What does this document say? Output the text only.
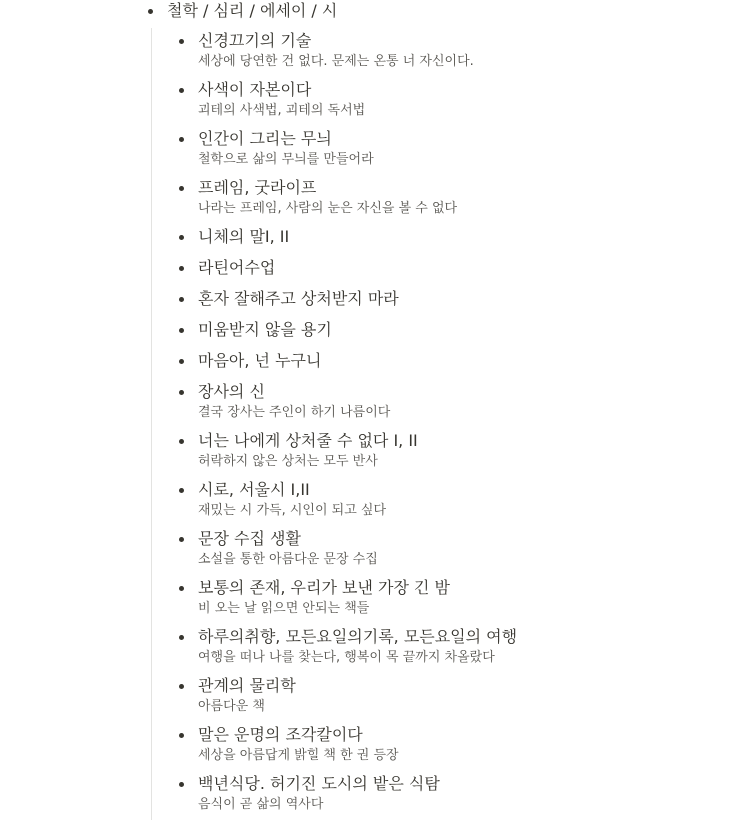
철학 / 심리 / 에세이 / 시
신경끄기의 기술
세상에 당연한 건 없다. 문제는 온통 너 자신이다.
사색이 자본이다
괴테의 사색법, 괴테의 독서법
인간이 그리는 무늬
철학으로 삶의 무늬를 만들어라
프레임, 굿라이프
나라는 프레임, 사람의 눈은 자신을 볼 수 없다
니체의 말I, II
라틴어수업
혼자 잘해주고 상처받지 마라
미움받지 않을 용기
마음아, 넌 누구니
장사의 신
결국 장사는 주인이 하기 나름이다
너는 나에게 상처줄 수 없다 I, II
허락하지 않은 상처는 모두 반사
시로, 서울시 I,II
재밌는 시 가득, 시인이 되고 싶다
문장 수집 생활
소설을 통한 아름다운 문장 수집
보통의 존재, 우리가 보낸 가장 긴 밤
비 오는 날 읽으면 안되는 책들
하루의취향, 모든요일의기록, 모든요일의 여행
여행을 떠나 나를 찾는다, 행복이 목 끝까지 차올랐다
관계의 물리학
아름다운 책
말은 운명의 조각칼이다
세상을 아름답게 밝힐 책 한 권 등장
백년식당. 허기진 도시의 밭은 식탐
음식이 곧 삶의 역사다
